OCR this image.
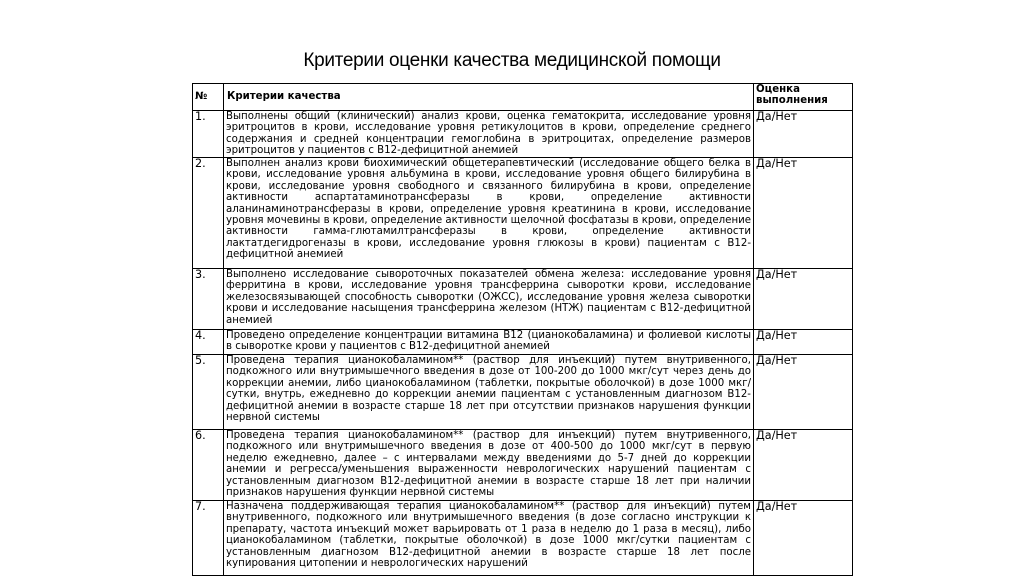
Критерии оценки качества медицинской помощи
№	Критерии качества	Оценка выполнения
1.	Выполнены общий (клинический) анализ крови, оценка гематокрита, исследование уровня эритроцитов в крови, исследование уровня ретикулоцитов в крови, определение среднего содержания и средней концентрации гемоглобина в эритроцитах, определение размеров эритроцитов у пациентов с В12-дефицитной анемией	Да/Нет
2.	Выполнен анализ крови биохимический общетерапевтический (исследование общего белка в крови, исследование уровня альбумина в крови, исследование уровня общего билирубина в крови, исследование уровня свободного и связанного билирубина в крови, определение активности аспартатаминотрансферазы в крови, определение активности аланинаминотрансферазы в крови, определение уровня креатинина в крови, исследование уровня мочевины в крови, определение активности щелочной фосфатазы в крови, определение активности гамма-глютамилтрансферазы в крови, определение активности лактатдегидрогеназы в крови, исследование уровня глюкозы в крови) пациентам с В12-дефицитной анемией	Да/Нет
3.	Выполнено исследование сывороточных показателей обмена железа: исследование уровня ферритина в крови, исследование уровня трансферрина сыворотки крови, исследование железосвязывающей способность сыворотки (ОЖСС), исследование уровня железа сыворотки крови и исследование насыщения трансферрина железом (НТЖ) пациентам с В12-дефицитной анемией	Да/Нет
4.	Проведено определение концентрации витамина В12 (цианокобаламина) и фолиевой кислоты в сыворотке крови у пациентов с В12-дефицитной анемией	Да/Нет
5.	Проведена терапия цианокобаламином** (раствор для инъекций) путем внутривенного, подкожного или внутримышечного введения в дозе от 100-200 до 1000 мкг/сут через день до коррекции анемии, либо цианокобаламином (таблетки, покрытые оболочкой) в дозе 1000 мкг/сутки, внутрь, ежедневно до коррекции анемии пациентам с установленным диагнозом В12-дефицитной анемии в возрасте старше 18 лет при отсутствии признаков нарушения функции нервной системы	Да/Нет
6.	Проведена терапия цианокобаламином** (раствор для инъекций) путем внутривенного, подкожного или внутримышечного введения в дозе от 400-500 до 1000 мкг/сут в первую неделю ежедневно, далее – с интервалами между введениями до 5-7 дней до коррекции анемии и регресса/уменьшения выраженности неврологических нарушений пациентам с установленным диагнозом В12-дефицитной анемии в возрасте старше 18 лет при наличии признаков нарушения функции нервной системы	Да/Нет
7.	Назначена поддерживающая терапия цианокобаламином** (раствор для инъекций) путем внутривенного, подкожного или внутримышечного введения (в дозе согласно инструкции к препарату, частота инъекций может варьировать от 1 раза в неделю до 1 раза в месяц), либо цианокобаламином (таблетки, покрытые оболочкой) в дозе 1000 мкг/сутки пациентам с установленным диагнозом В12-дефицитной анемии в возрасте старше 18 лет после купирования цитопении и неврологических нарушений	Да/Нет
